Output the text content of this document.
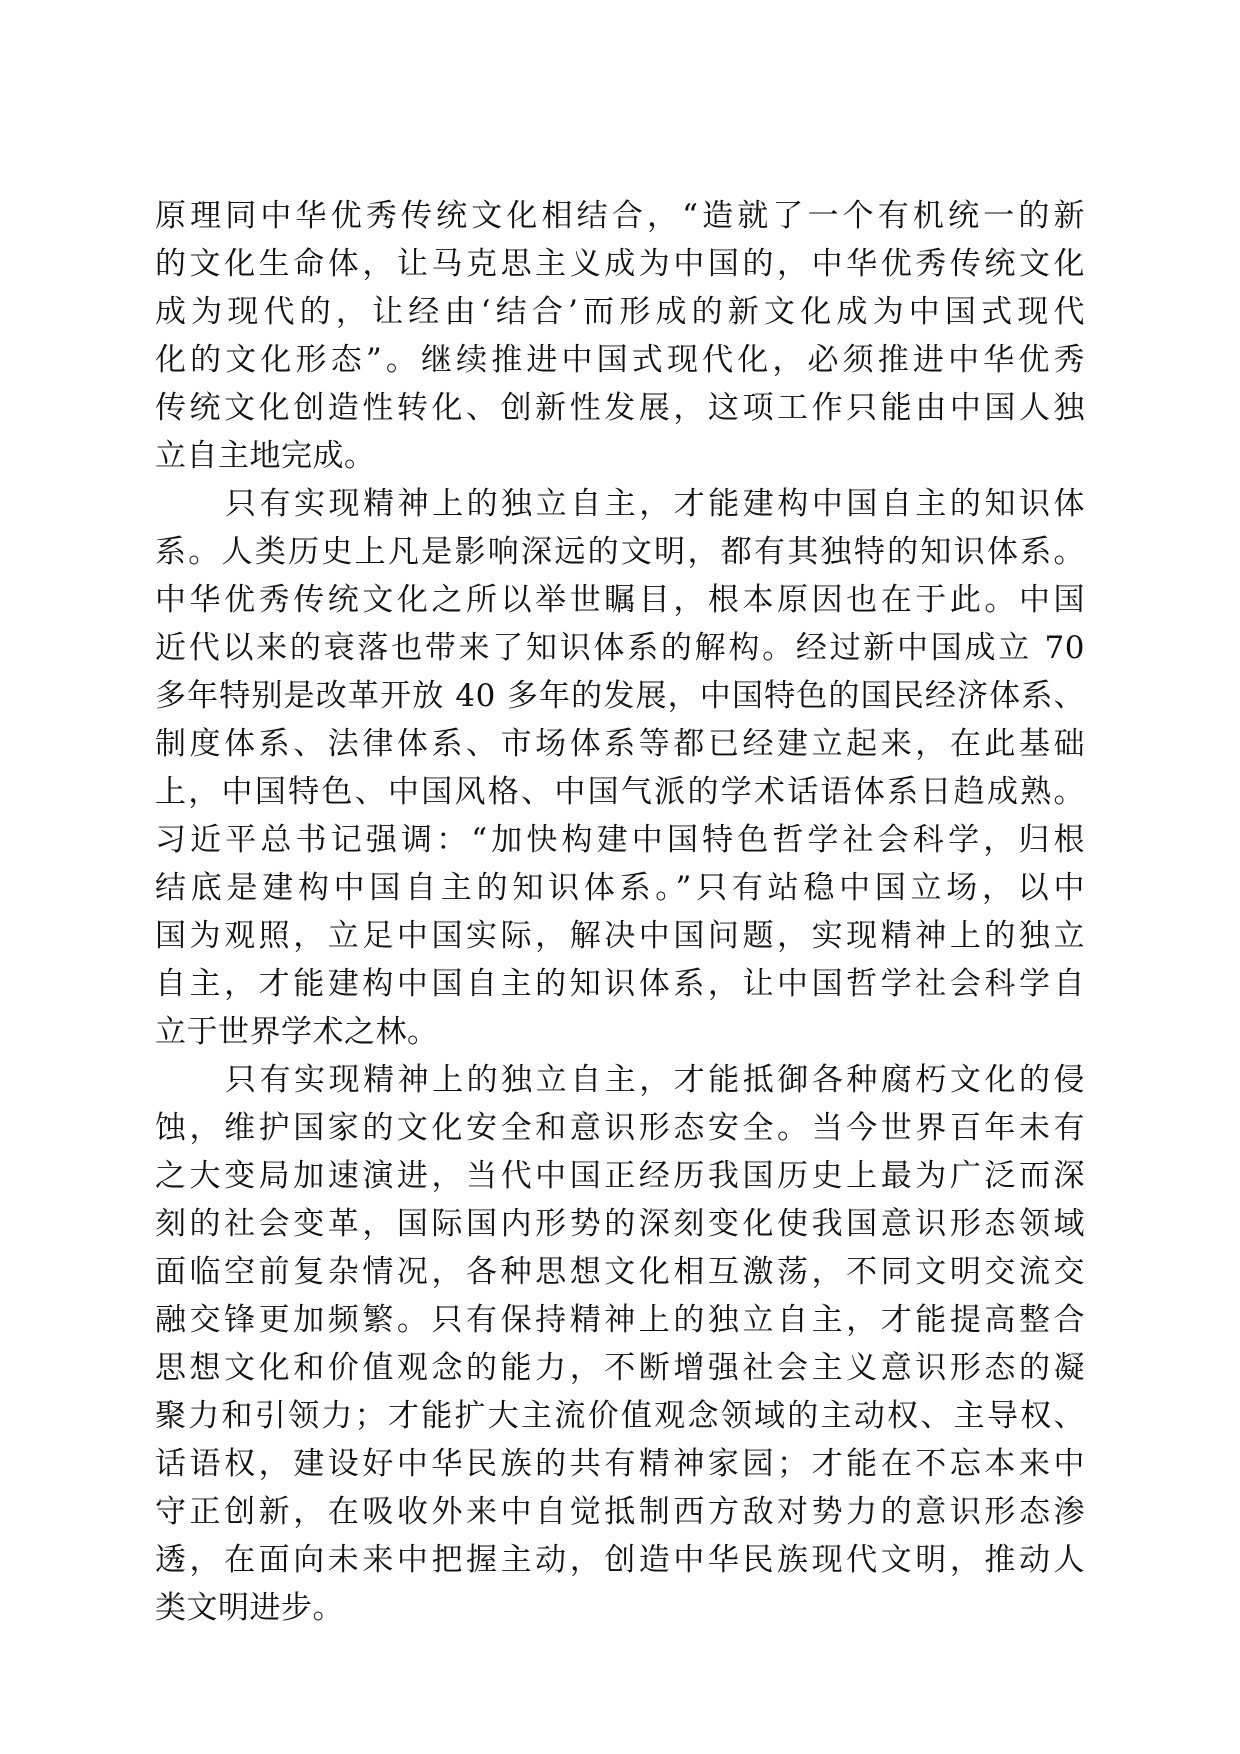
原理同中华优秀传统文化相结合，“造就了一个有机统一的新
的文化生命体，让马克思主义成为中国的，中华优秀传统文化
成为现代的，让经由‘结合’而形成的新文化成为中国式现代
化的文化形态”。继续推进中国式现代化，必须推进中华优秀
传统文化创造性转化、创新性发展，这项工作只能由中国人独
立自主地完成。
只有实现精神上的独立自主，才能建构中国自主的知识体
系。人类历史上凡是影响深远的文明，都有其独特的知识体系。
中华优秀传统文化之所以举世瞩目，根本原因也在于此。中国
近代以来的衰落也带来了知识体系的解构。经过新中国成立 70
多年特别是改革开放 40 多年的发展，中国特色的国民经济体系、
制度体系、法律体系、市场体系等都已经建立起来，在此基础
上，中国特色、中国风格、中国气派的学术话语体系日趋成熟。
习近平总书记强调：“加快构建中国特色哲学社会科学，归根
结底是建构中国自主的知识体系。”只有站稳中国立场，以中
国为观照，立足中国实际，解决中国问题，实现精神上的独立
自主，才能建构中国自主的知识体系，让中国哲学社会科学自
立于世界学术之林。
只有实现精神上的独立自主，才能抵御各种腐朽文化的侵
蚀，维护国家的文化安全和意识形态安全。当今世界百年未有
之大变局加速演进，当代中国正经历我国历史上最为广泛而深
刻的社会变革，国际国内形势的深刻变化使我国意识形态领域
面临空前复杂情况，各种思想文化相互激荡，不同文明交流交
融交锋更加频繁。只有保持精神上的独立自主，才能提高整合
思想文化和价值观念的能力，不断增强社会主义意识形态的凝
聚力和引领力；才能扩大主流价值观念领域的主动权、主导权、
话语权，建设好中华民族的共有精神家园；才能在不忘本来中
守正创新，在吸收外来中自觉抵制西方敌对势力的意识形态渗
透，在面向未来中把握主动，创造中华民族现代文明，推动人
类文明进步。
